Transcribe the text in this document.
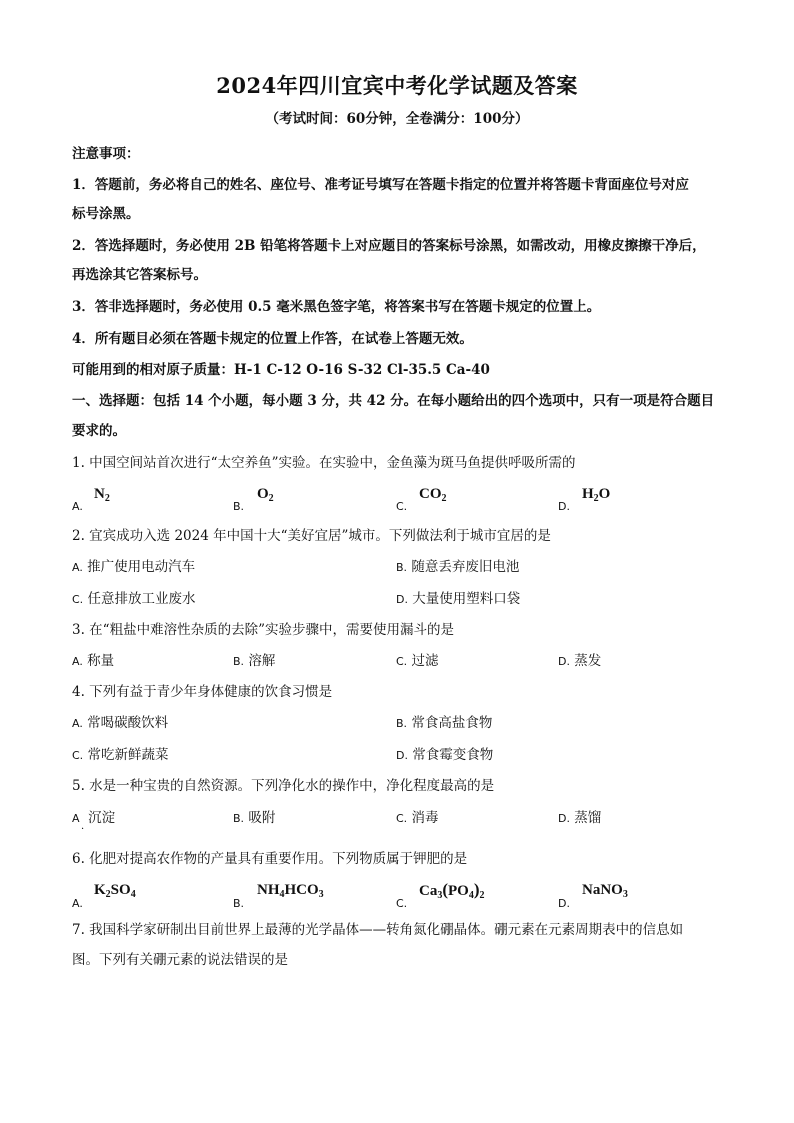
2024年四川宜宾中考化学试题及答案
（考试时间：60分钟，全卷满分：100分）
注意事项：
1．答题前，务必将自己的姓名、座位号、准考证号填写在答题卡指定的位置并将答题卡背面座位号对应
标号涂黑。
2．答选择题时，务必使用 2B 铅笔将答题卡上对应题目的答案标号涂黑，如需改动，用橡皮擦擦干净后，
再选涂其它答案标号。
3．答非选择题时，务必使用 0.5 毫米黑色签字笔，将答案书写在答题卡规定的位置上。
4．所有题目必须在答题卡规定的位置上作答，在试卷上答题无效。
可能用到的相对原子质量：H-1 C-12 O-16 S-32 Cl-35.5 Ca-40
一、选择题：包括 14 个小题，每小题 3 分，共 42 分。在每小题给出的四个选项中，只有一项是符合题目
要求的。
1. 中国空间站首次进行“太空养鱼”实验。在实验中，金鱼藻为斑马鱼提供呼吸所需的
A.
$N_2$
B.
$O_2$
C.
$CO_2$
D.
$H_2O$
2. 宜宾成功入选 2024 年中国十大“美好宜居”城市。下列做法利于城市宜居的是
A. 推广使用电动汽车	B. 随意丢弃废旧电池
C. 任意排放工业废水	D. 大量使用塑料口袋
3. 在“粗盐中难溶性杂质的去除”实验步骤中，需要使用漏斗的是
A. 称量	B. 溶解	C. 过滤	D. 蒸发
4. 下列有益于青少年身体健康的饮食习惯是
A. 常喝碳酸饮料	B. 常食高盐食物
C. 常吃新鲜蔬菜	D. 常食霉变食物
5. 水是一种宝贵的自然资源。下列净化水的操作中，净化程度最高的是
A 沉淀
·
B. 吸附	C. 消毒	D. 蒸馏
6. 化肥对提高农作物的产量具有重要作用。下列物质属于钾肥的是
A.
$K_2SO_4$
B.
$NH_4HCO_3$
C.
$Ca_3(PO_4)_2$
D.
NaNO$_3$
7. 我国科学家研制出目前世界上最薄的光学晶体——转角氮化硼晶体。硼元素在元素周期表中的信息如
图。下列有关硼元素的说法错误的是
